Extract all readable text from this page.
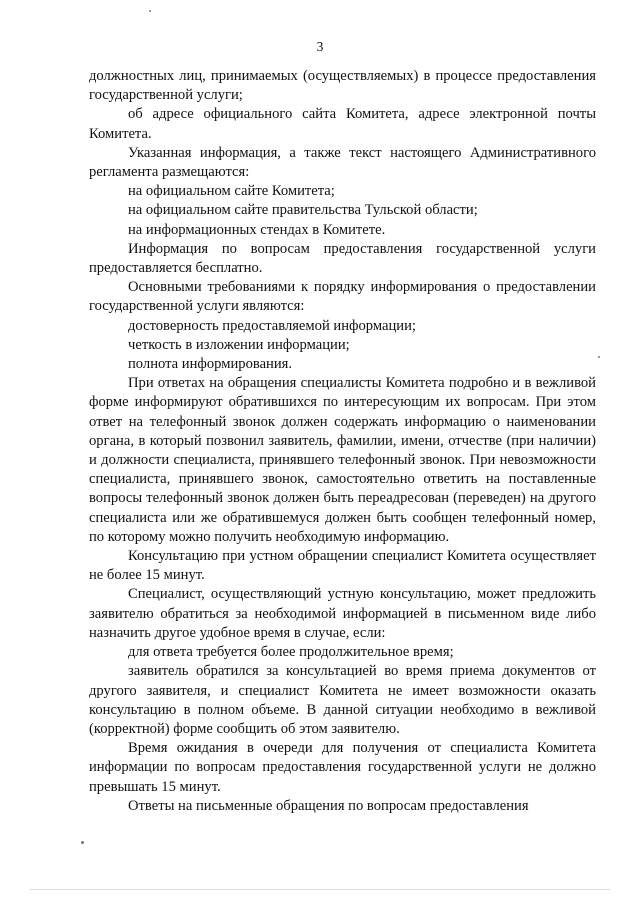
3

должностных лиц, принимаемых (осуществляемых) в процессе предоставления государственной услуги;

об адресе официального сайта Комитета, адресе электронной почты Комитета.

Указанная информация, а также текст настоящего Административного регламента размещаются:

на официальном сайте Комитета;

на официальном сайте правительства Тульской области;

на информационных стендах в Комитете.

Информация по вопросам предоставления государственной услуги предоставляется бесплатно.

Основными требованиями к порядку информирования о предоставлении государственной услуги являются:

достоверность предоставляемой информации;

четкость в изложении информации;

полнота информирования.

При ответах на обращения специалисты Комитета подробно и в вежливой форме информируют обратившихся по интересующим их вопросам. При этом ответ на телефонный звонок должен содержать информацию о наименовании органа, в который позвонил заявитель, фамилии, имени, отчестве (при наличии) и должности специалиста, принявшего телефонный звонок. При невозможности специалиста, принявшего звонок, самостоятельно ответить на поставленные вопросы телефонный звонок должен быть переадресован (переведен) на другого специалиста или же обратившемуся должен быть сообщен телефонный номер, по которому можно получить необходимую информацию.

Консультацию при устном обращении специалист Комитета осуществляет не более 15 минут.

Специалист, осуществляющий устную консультацию, может предложить заявителю обратиться за необходимой информацией в письменном виде либо назначить другое удобное время в случае, если:

для ответа требуется более продолжительное время;

заявитель обратился за консультацией во время приема документов от другого заявителя, и специалист Комитета не имеет возможности оказать консультацию в полном объеме. В данной ситуации необходимо в вежливой (корректной) форме сообщить об этом заявителю.

Время ожидания в очереди для получения от специалиста Комитета информации по вопросам предоставления государственной услуги не должно превышать 15 минут.

Ответы на письменные обращения по вопросам предоставления
